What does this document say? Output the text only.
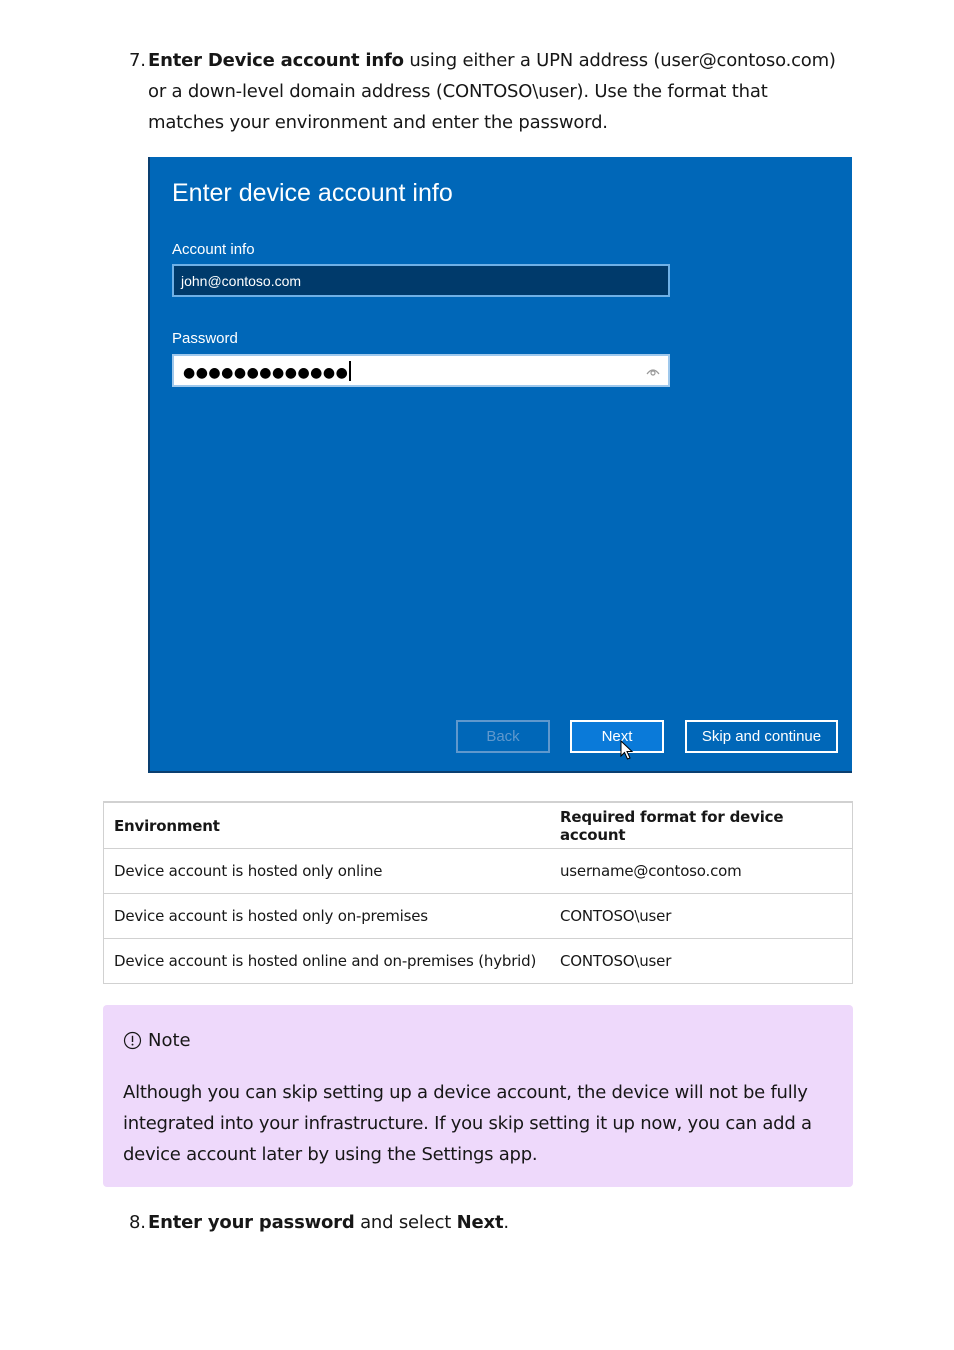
7. Enter Device account info using either a UPN address (user@contoso.com) or a down-level domain address (CONTOSO\user). Use the format that matches your environment and enter the password.
Enter device account info
Account info
john@contoso.com
Password
●●●●●●●●●●●●●
Back	Next	Skip and continue
Environment	Required format for device account
Device account is hosted only online	username@contoso.com
Device account is hosted only on-premises	CONTOSO\user
Device account is hosted online and on-premises (hybrid)	CONTOSO\user
Note
Although you can skip setting up a device account, the device will not be fully integrated into your infrastructure. If you skip setting it up now, you can add a device account later by using the Settings app.
8. Enter your password and select Next.
